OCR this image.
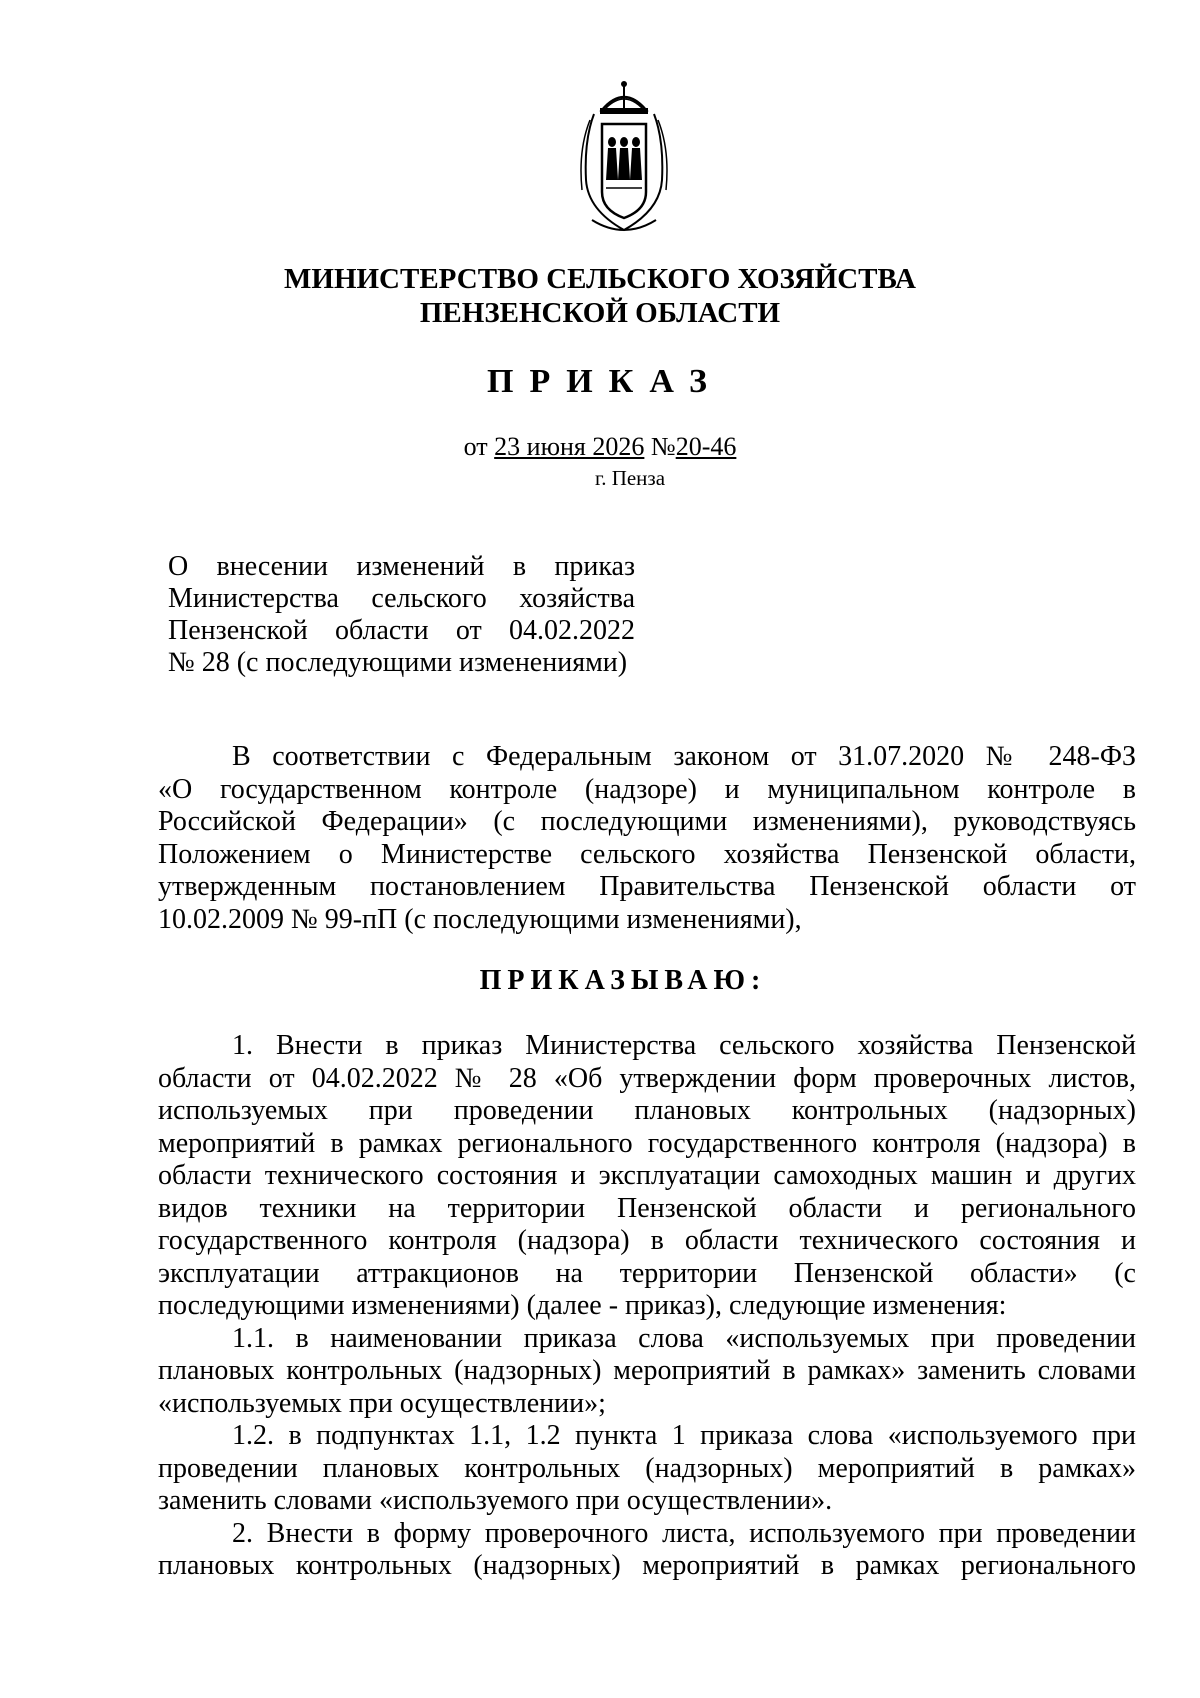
МИНИСТЕРСТВО СЕЛЬСКОГО ХОЗЯЙСТВА
ПЕНЗЕНСКОЙ ОБЛАСТИ
ПРИКАЗ
от 23 июня 2026 №20-46
г. Пенза
О внесении изменений в приказ
Министерства сельского хозяйства
Пензенской области от 04.02.2022
№ 28 (с последующими изменениями)
В соответствии с Федеральным законом от 31.07.2020 № 248-ФЗ
«О государственном контроле (надзоре) и муниципальном контроле в
Российской Федерации» (с последующими изменениями), руководствуясь
Положением о Министерстве сельского хозяйства Пензенской области,
утвержденным постановлением Правительства Пензенской области от
10.02.2009 № 99-пП (с последующими изменениями),
ПРИКАЗЫВАЮ:
1. Внести в приказ Министерства сельского хозяйства Пензенской
области от 04.02.2022 № 28 «Об утверждении форм проверочных листов,
используемых при проведении плановых контрольных (надзорных)
мероприятий в рамках регионального государственного контроля (надзора) в
области технического состояния и эксплуатации самоходных машин и других
видов техники на территории Пензенской области и регионального
государственного контроля (надзора) в области технического состояния и
эксплуатации аттракционов на территории Пензенской области» (с
последующими изменениями) (далее - приказ), следующие изменения:
1.1. в наименовании приказа слова «используемых при проведении
плановых контрольных (надзорных) мероприятий в рамках» заменить словами
«используемых при осуществлении»;
1.2. в подпунктах 1.1, 1.2 пункта 1 приказа слова «используемого при
проведении плановых контрольных (надзорных) мероприятий в рамках»
заменить словами «используемого при осуществлении».
2. Внести в форму проверочного листа, используемого при проведении
плановых контрольных (надзорных) мероприятий в рамках регионального
